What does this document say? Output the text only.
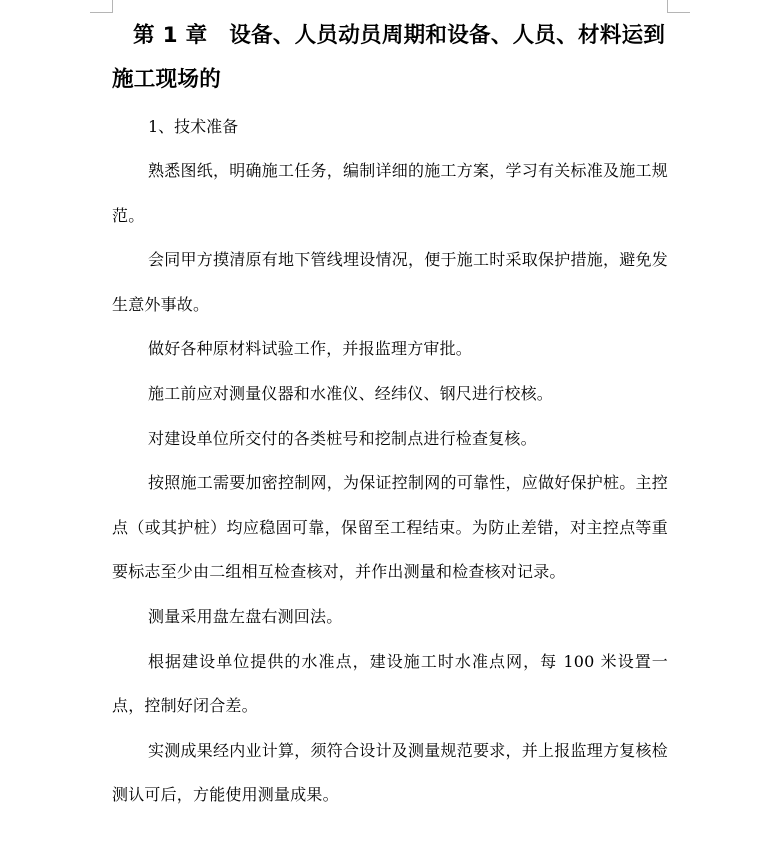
第 1 章　设备、人员动员周期和设备、人员、材料运到施工现场的

1、技术准备

熟悉图纸，明确施工任务，编制详细的施工方案，学习有关标准及施工规范。

会同甲方摸清原有地下管线埋设情况，便于施工时采取保护措施，避免发生意外事故。

做好各种原材料试验工作，并报监理方审批。

施工前应对测量仪器和水准仪、经纬仪、钢尺进行校核。

对建设单位所交付的各类桩号和挖制点进行检查复核。

按照施工需要加密控制网，为保证控制网的可靠性，应做好保护桩。主控点（或其护桩）均应稳固可靠，保留至工程结束。为防止差错，对主控点等重要标志至少由二组相互检查核对，并作出测量和检查核对记录。

测量采用盘左盘右测回法。

根据建设单位提供的水准点，建设施工时水准点网，每 100 米设置一点，控制好闭合差。

实测成果经内业计算，须符合设计及测量规范要求，并上报监理方复核检测认可后，方能使用测量成果。
